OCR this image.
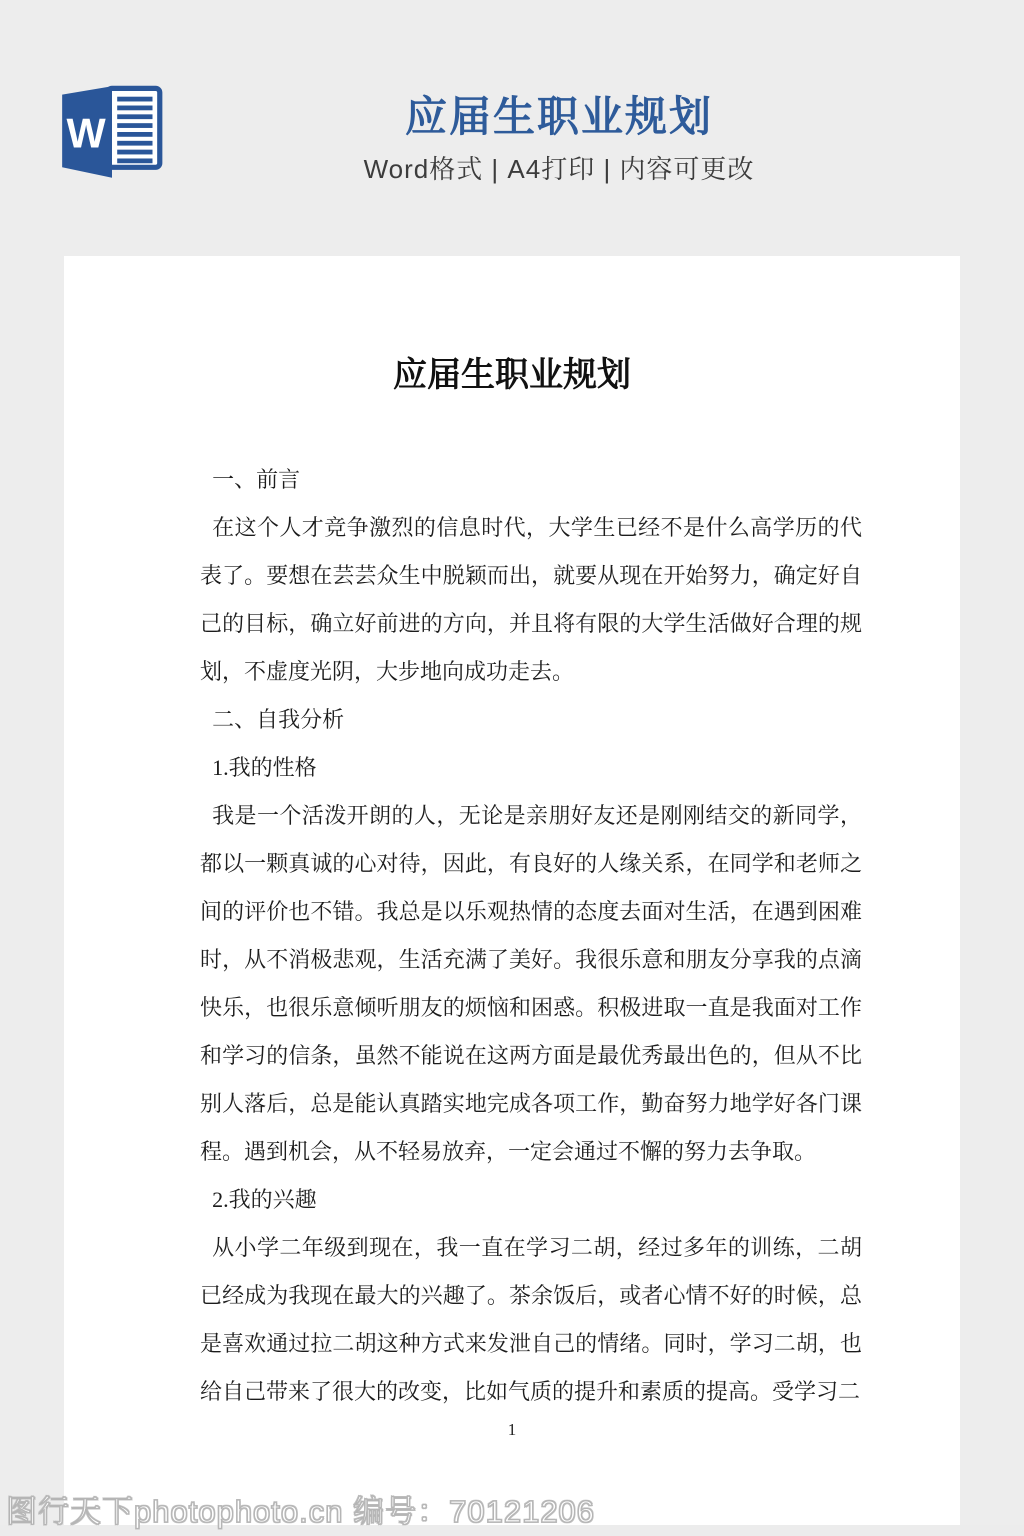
W	应届生职业规划
Word格式 | A4打印 | 内容可更改
应届生职业规划

一、前言

在这个人才竞争激烈的信息时代，大学生已经不是什么高学历的代表了。要想在芸芸众生中脱颖而出，就要从现在开始努力，确定好自己的目标，确立好前进的方向，并且将有限的大学生活做好合理的规划，不虚度光阴，大步地向成功走去。

二、自我分析

1.我的性格

我是一个活泼开朗的人，无论是亲朋好友还是刚刚结交的新同学，都以一颗真诚的心对待，因此，有良好的人缘关系，在同学和老师之间的评价也不错。我总是以乐观热情的态度去面对生活，在遇到困难时，从不消极悲观，生活充满了美好。我很乐意和朋友分享我的点滴快乐，也很乐意倾听朋友的烦恼和困惑。积极进取一直是我面对工作和学习的信条，虽然不能说在这两方面是最优秀最出色的，但从不比别人落后，总是能认真踏实地完成各项工作，勤奋努力地学好各门课程。遇到机会，从不轻易放弃，一定会通过不懈的努力去争取。

2.我的兴趣

从小学二年级到现在，我一直在学习二胡，经过多年的训练，二胡已经成为我现在最大的兴趣了。茶余饭后，或者心情不好的时候，总是喜欢通过拉二胡这种方式来发泄自己的情绪。同时，学习二胡，也给自己带来了很大的改变，比如气质的提升和素质的提高。受学习二

1
图行天下photophoto.cn 编号：70121206
